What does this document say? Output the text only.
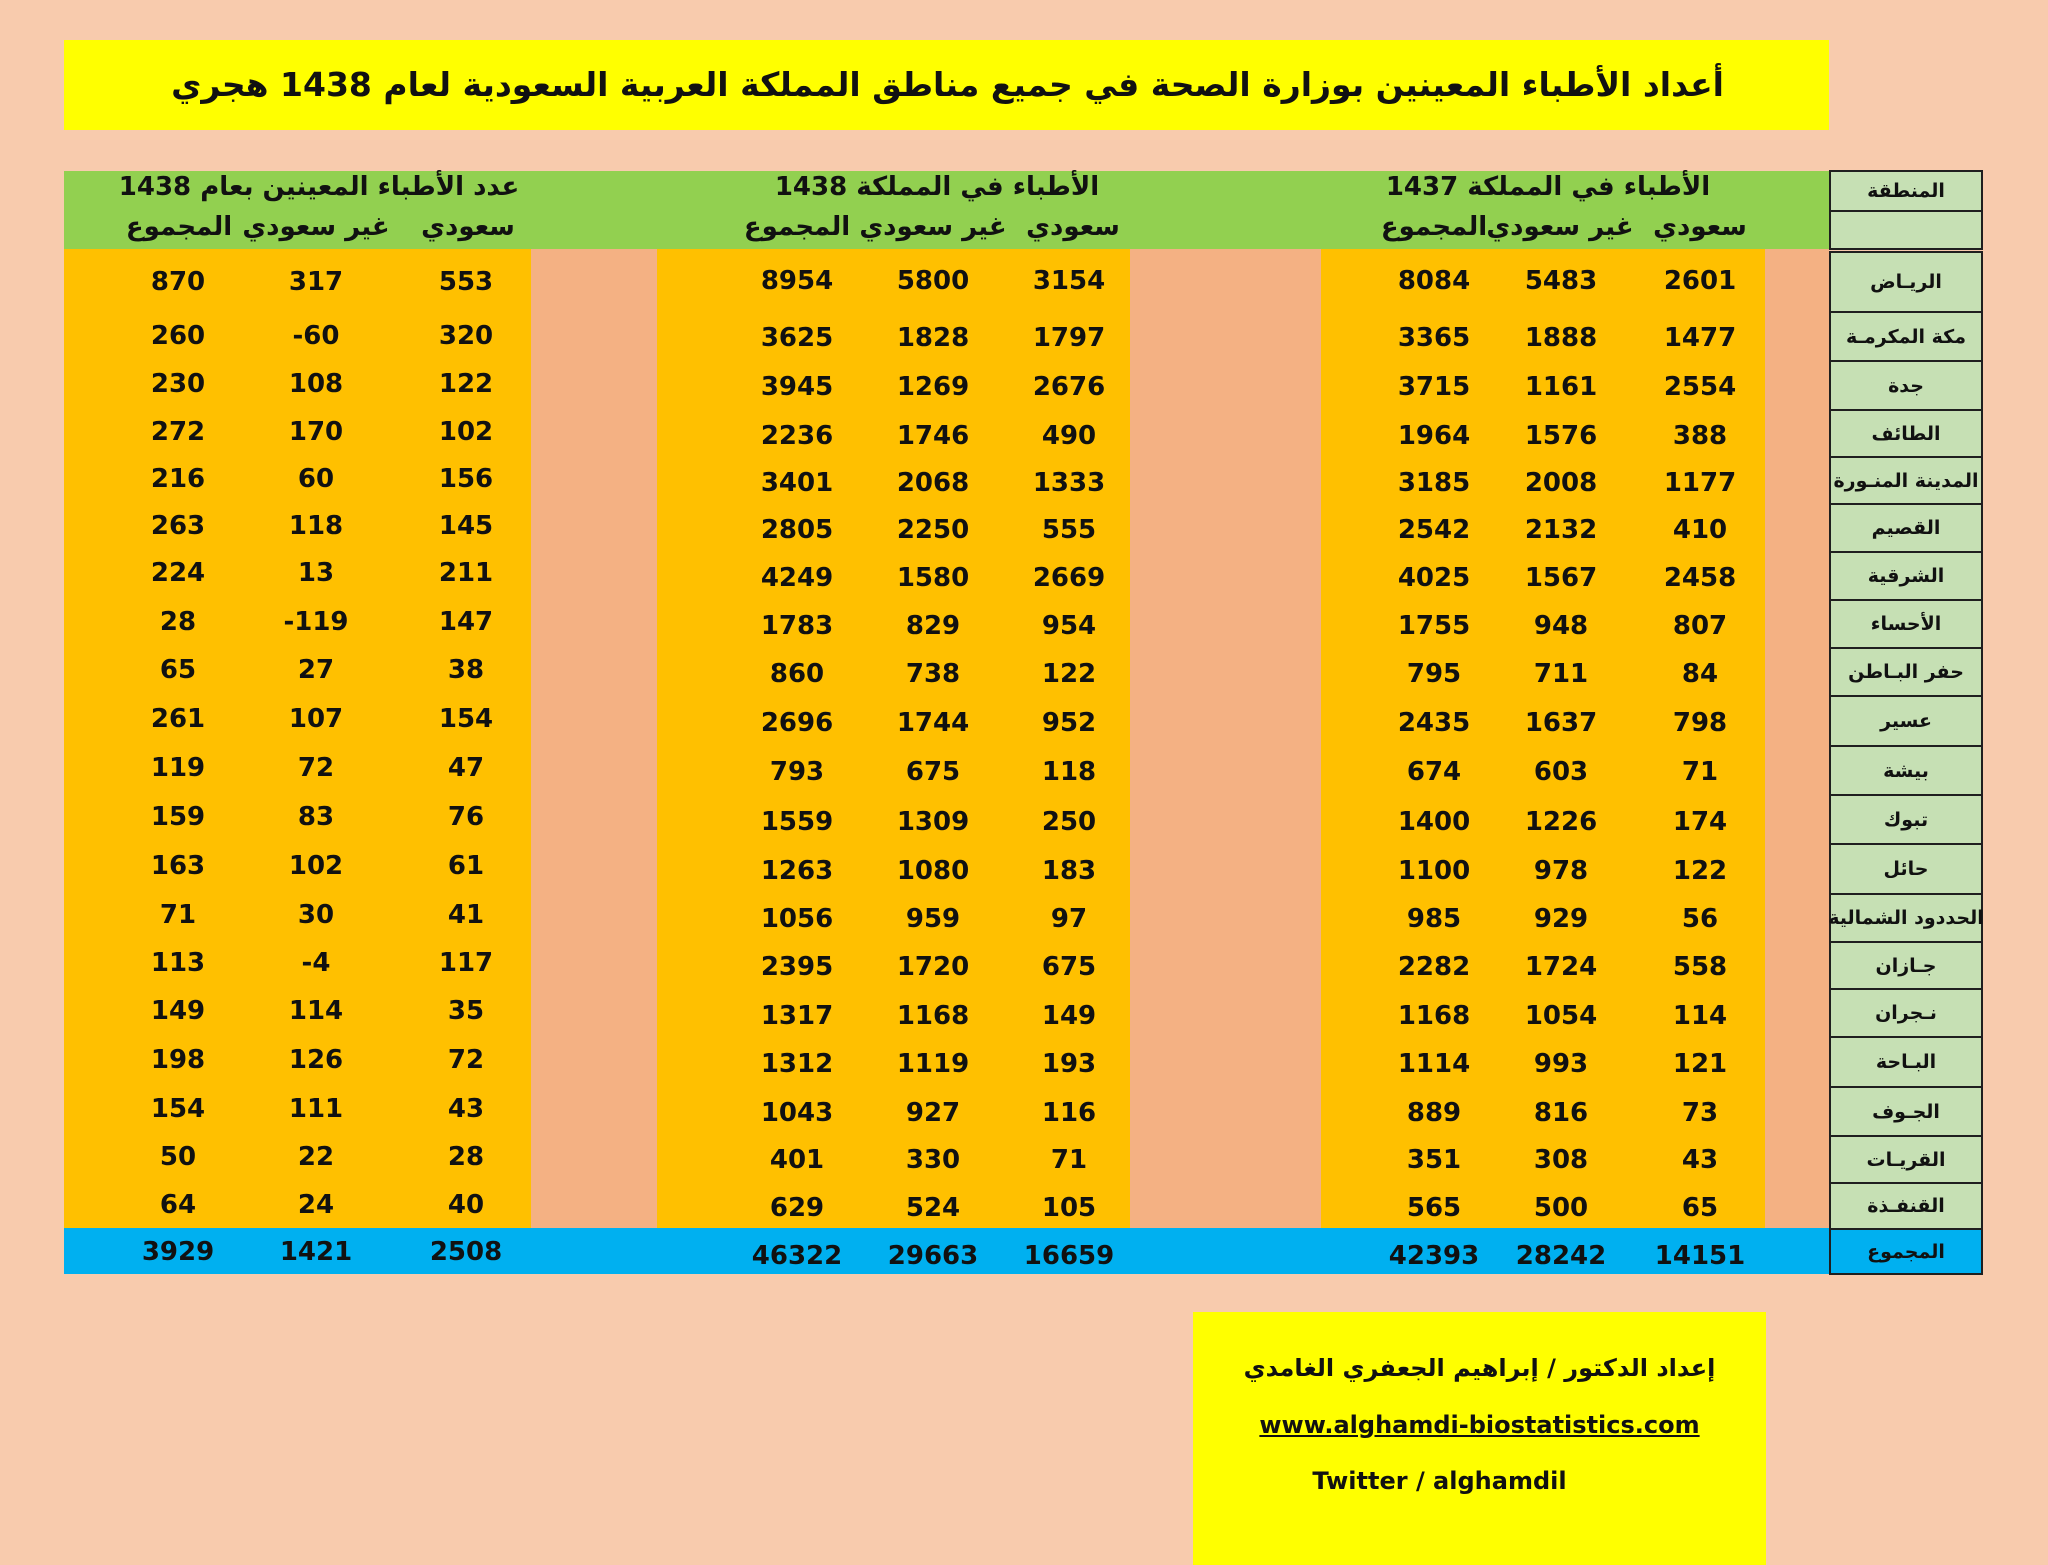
أعداد الأطباء المعينين بوزارة الصحة في جميع مناطق المملكة العربية السعودية لعام 1438 هجري
الأطباء في المملكة 1437
الأطباء في المملكة 1438
عدد الأطباء المعينين بعام 1438
سعودي
غير سعودي
المجموع
سعودي
غير سعودي
المجموع
سعودي
غير سعودي
المجموع
المنطقة
الريـاض
مكة المكرمـة
جدة
الطائف
المدينة المنـورة
القصيم
الشرقية
الأحساء
حفر البـاطن
عسير
بيشة
تبوك
حائل
الحددود الشمالية
جـازان
نـجران
البـاحة
الجـوف
القريـات
القنفـذة
المجموع
2601
5483
8084
3154
5800
8954
553
317
870
1477
1888
3365
1797
1828
3625
320
-60
260
2554
1161
3715
2676
1269
3945
122
108
230
388
1576
1964
490
1746
2236
102
170
272
1177
2008
3185
1333
2068
3401
156
60
216
410
2132
2542
555
2250
2805
145
118
263
2458
1567
4025
2669
1580
4249
211
13
224
807
948
1755
954
829
1783
147
-119
28
84
711
795
122
738
860
38
27
65
798
1637
2435
952
1744
2696
154
107
261
71
603
674
118
675
793
47
72
119
174
1226
1400
250
1309
1559
76
83
159
122
978
1100
183
1080
1263
61
102
163
56
929
985
97
959
1056
41
30
71
558
1724
2282
675
1720
2395
117
-4
113
114
1054
1168
149
1168
1317
35
114
149
121
993
1114
193
1119
1312
72
126
198
73
816
889
116
927
1043
43
111
154
43
308
351
71
330
401
28
22
50
65
500
565
105
524
629
40
24
64
14151
28242
42393
16659
29663
46322
2508
1421
3929
إعداد الدكتور / إبراهيم الجعفري الغامدي
www.alghamdi-biostatistics.com
Twitter / alghamdil
